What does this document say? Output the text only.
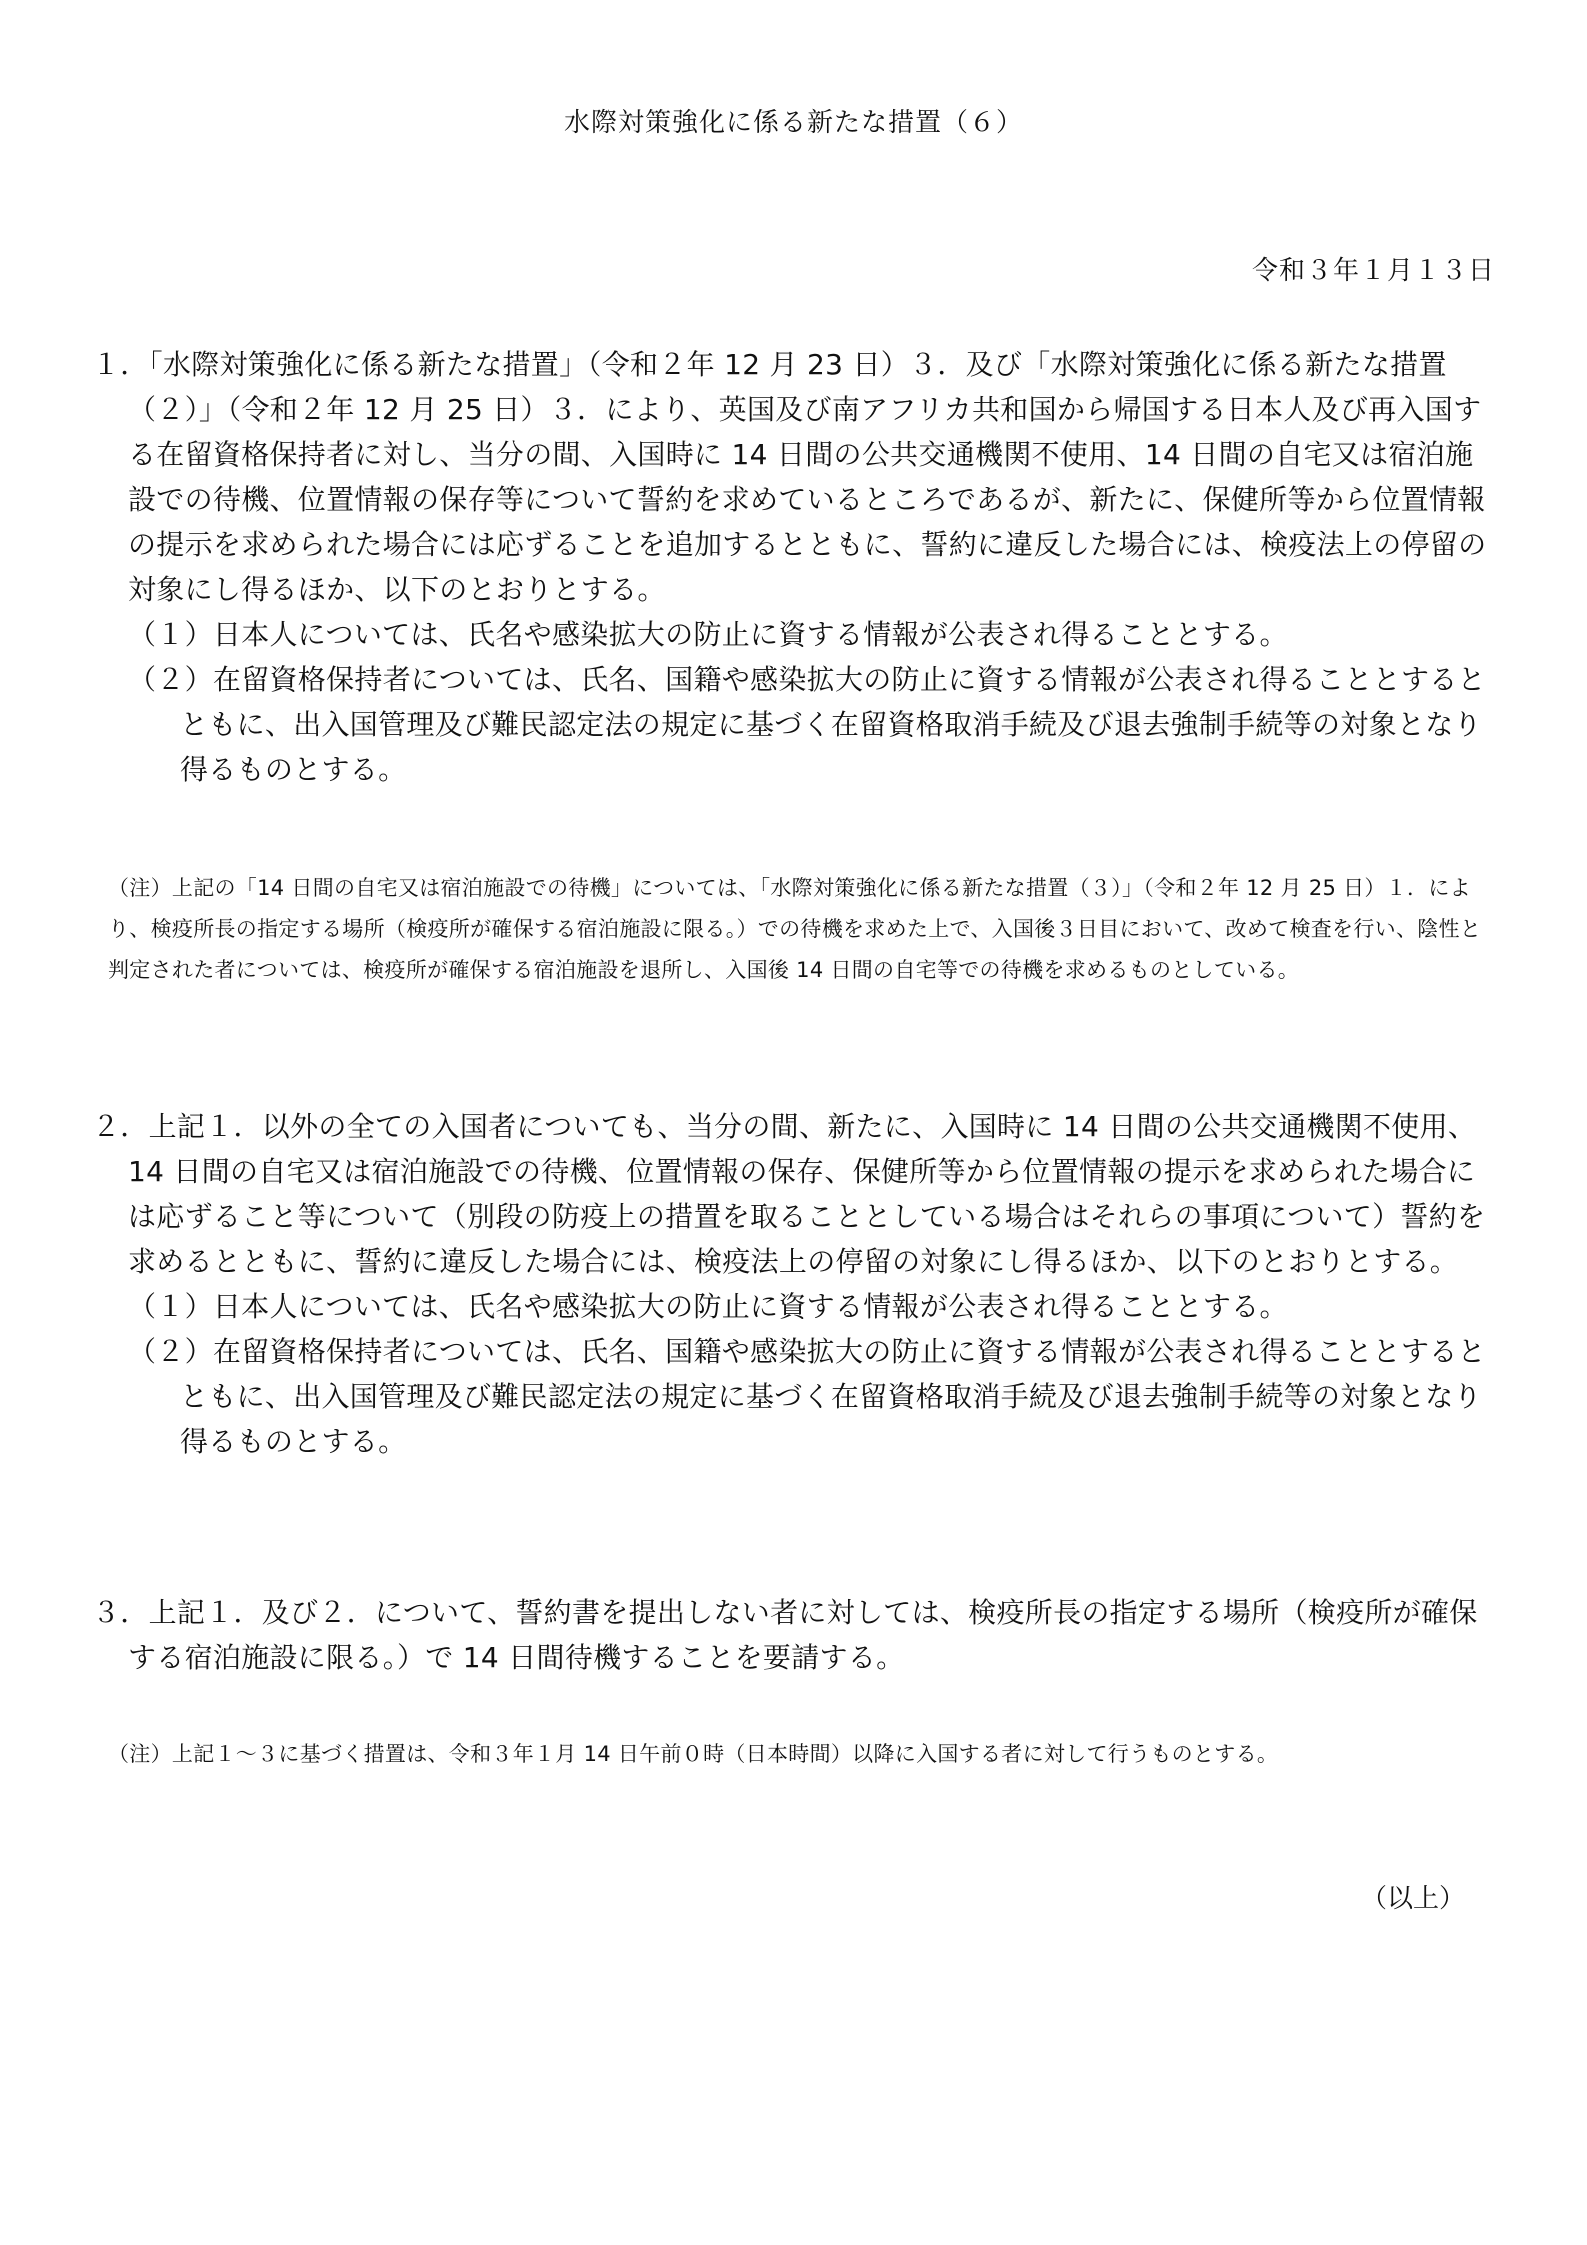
水際対策強化に係る新たな措置（６）
令和３年１月１３日

１．「水際対策強化に係る新たな措置」（令和２年 12 月 23 日）３．及び「水際対策強化に係る新たな措置（２）」（令和２年 12 月 25 日）３．により、英国及び南アフリカ共和国から帰国する日本人及び再入国する在留資格保持者に対し、当分の間、入国時に 14 日間の公共交通機関不使用、14 日間の自宅又は宿泊施設での待機、位置情報の保存等について誓約を求めているところであるが、新たに、保健所等から位置情報の提示を求められた場合には応ずることを追加するとともに、誓約に違反した場合には、検疫法上の停留の対象にし得るほか、以下のとおりとする。

（１）日本人については、氏名や感染拡大の防止に資する情報が公表され得ることとする。

（２）在留資格保持者については、氏名、国籍や感染拡大の防止に資する情報が公表され得ることとするとともに、出入国管理及び難民認定法の規定に基づく在留資格取消手続及び退去強制手続等の対象となり得るものとする。

（注）上記の「14 日間の自宅又は宿泊施設での待機」については、「水際対策強化に係る新たな措置（３）」（令和２年 12 月 25 日）１．により、検疫所長の指定する場所（検疫所が確保する宿泊施設に限る。）での待機を求めた上で、入国後３日目において、改めて検査を行い、陰性と判定された者については、検疫所が確保する宿泊施設を退所し、入国後 14 日間の自宅等での待機を求めるものとしている。

２．上記１．以外の全ての入国者についても、当分の間、新たに、入国時に 14 日間の公共交通機関不使用、14 日間の自宅又は宿泊施設での待機、位置情報の保存、保健所等から位置情報の提示を求められた場合には応ずること等について（別段の防疫上の措置を取ることとしている場合はそれらの事項について）誓約を求めるとともに、誓約に違反した場合には、検疫法上の停留の対象にし得るほか、以下のとおりとする。

（１）日本人については、氏名や感染拡大の防止に資する情報が公表され得ることとする。

（２）在留資格保持者については、氏名、国籍や感染拡大の防止に資する情報が公表され得ることとするとともに、出入国管理及び難民認定法の規定に基づく在留資格取消手続及び退去強制手続等の対象となり得るものとする。

３．上記１．及び２．について、誓約書を提出しない者に対しては、検疫所長の指定する場所（検疫所が確保する宿泊施設に限る。）で 14 日間待機することを要請する。

（注）上記１～３に基づく措置は、令和３年１月 14 日午前０時（日本時間）以降に入国する者に対して行うものとする。

（以上）
